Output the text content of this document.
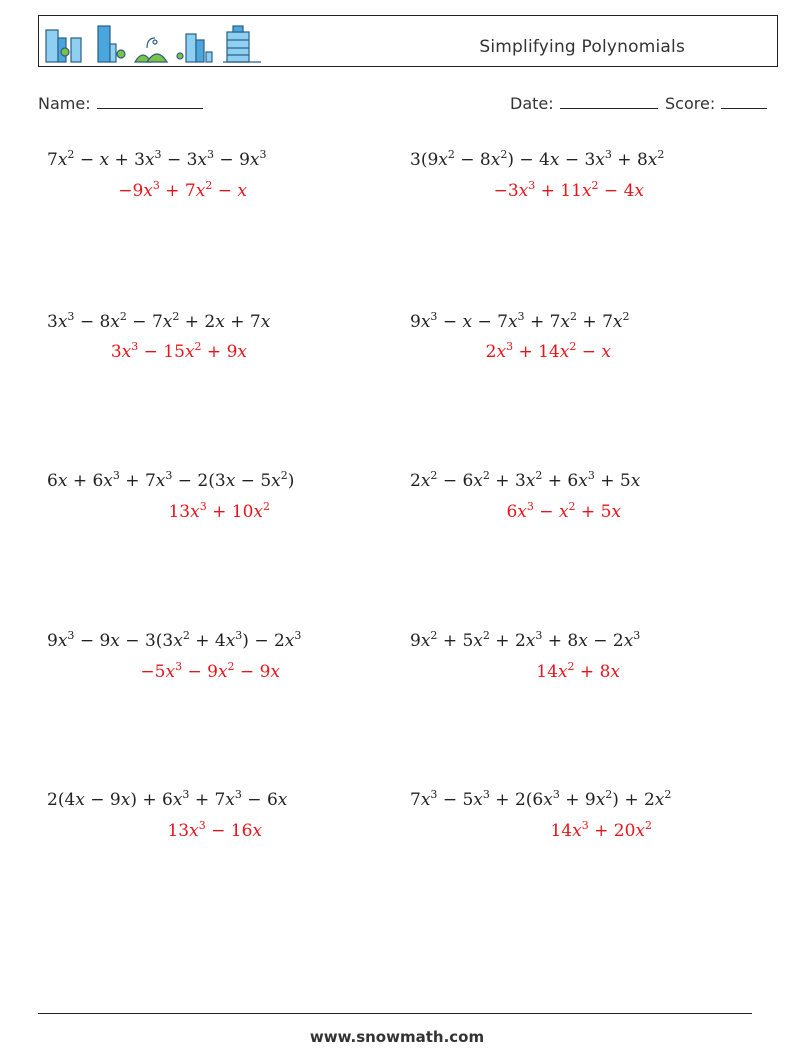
Simplifying Polynomials
Name:	Date:	Score:
$7x^2 - x + 3x^3 - 3x^3 - 9x^3$
$-9x^3 + 7x^2 - x$
$3x^3 - 8x^2 - 7x^2 + 2x + 7x$
$3x^3 - 15x^2 + 9x$
$6x + 6x^3 + 7x^3 - 2(3x - 5x^2)$
$13x^3 + 10x^2$
$9x^3 - 9x - 3(3x^2 + 4x^3) - 2x^3$
$-5x^3 - 9x^2 - 9x$
$2(4x - 9x) + 6x^3 + 7x^3 - 6x$
$13x^3 - 16x$
$3(9x^2 - 8x^2) - 4x - 3x^3 + 8x^2$
$-3x^3 + 11x^2 - 4x$
$9x^3 - x - 7x^3 + 7x^2 + 7x^2$
$2x^3 + 14x^2 - x$
$2x^2 - 6x^2 + 3x^2 + 6x^3 + 5x$
$6x^3 - x^2 + 5x$
$9x^2 + 5x^2 + 2x^3 + 8x - 2x^3$
$14x^2 + 8x$
$7x^3 - 5x^3 + 2(6x^3 + 9x^2) + 2x^2$
$14x^3 + 20x^2$
www.snowmath.com
